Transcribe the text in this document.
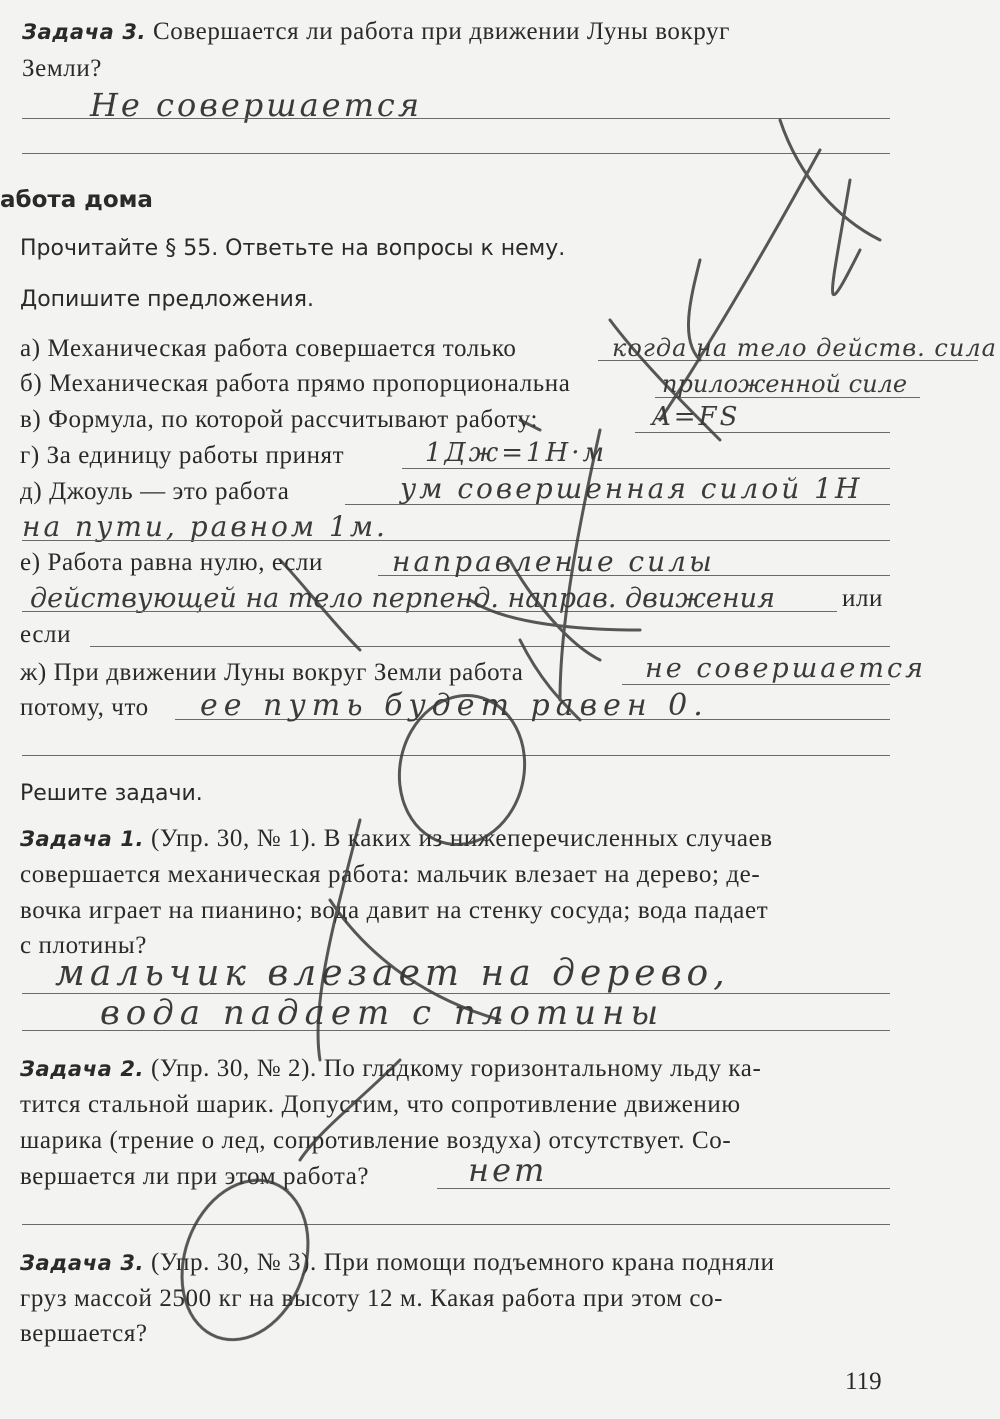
Задача 3. Совершается ли работа при движении Луны вокруг

Земли?

Не совершается

абота дома

Прочитайте § 55. Ответьте на вопросы к нему.

Допишите предложения.

а) Механическая работа совершается только	когда на тело действ. сила

б) Механическая работа прямо пропорциональна	приложенной силе

в) Формула, по которой рассчитывают работу:	A=FS

г) За единицу работы принят	1Дж=1Н·м

д) Джоуль — это работа	ум совершенная силой 1Н
на пути, равном 1м.

е) Работа равна нулю, если направление силы
действующей на тело перпенд. направ. движения	или

если

ж) При движении Луны вокруг Земли работа	не совершается

потому, что ее путь будет равен 0.

Решите задачи.

Задача 1. (Упр. 30, № 1). В каких из нижеперечисленных случаев

совершается механическая работа: мальчик влезает на дерево; де-

вочка играет на пианино; вода давит на стенку сосуда; вода падает

с плотины?

мальчик влезает на дерево,
вода падает с плотины

Задача 2. (Упр. 30, № 2). По гладкому горизонтальному льду ка-

тится стальной шарик. Допустим, что сопротивление движению

шарика (трение о лед, сопротивление воздуха) отсутствует. Со-

вершается ли при этом работа?	нет

Задача 3. (Упр. 30, № 3). При помощи подъемного крана подняли

груз массой 2500 кг на высоту 12 м. Какая работа при этом со-

вершается?

119
